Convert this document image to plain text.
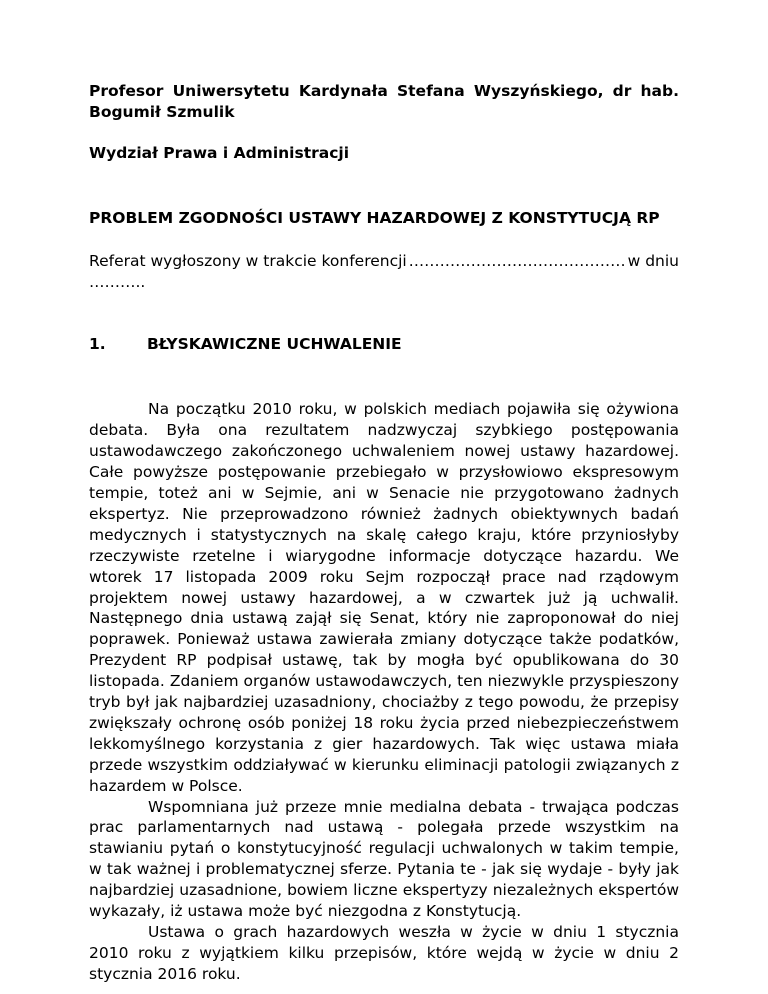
Profesor Uniwersytetu Kardynała Stefana Wyszyńskiego, dr hab. Bogumił Szmulik

Wydział Prawa i Administracji

PROBLEM ZGODNOŚCI USTAWY HAZARDOWEJ Z KONSTYTUCJĄ RP

Referat wygłoszony w trakcie konferencji …………………………………… w dniu

………..

1.	BŁYSKAWICZNE UCHWALENIE

Na początku 2010 roku, w polskich mediach pojawiła się ożywiona debata. Była ona rezultatem nadzwyczaj szybkiego postępowania ustawodawczego zakończonego uchwaleniem nowej ustawy hazardowej. Całe powyższe postępowanie przebiegało w przysłowiowo ekspresowym tempie, toteż ani w Sejmie, ani w Senacie nie przygotowano żadnych ekspertyz. Nie przeprowadzono również żadnych obiektywnych badań medycznych i statystycznych na skalę całego kraju, które przyniosłyby rzeczywiste rzetelne i wiarygodne informacje dotyczące hazardu. We wtorek 17 listopada 2009 roku Sejm rozpoczął prace nad rządowym projektem nowej ustawy hazardowej, a w czwartek już ją uchwalił. Następnego dnia ustawą zajął się Senat, który nie zaproponował do niej poprawek. Ponieważ ustawa zawierała zmiany dotyczące także podatków, Prezydent RP podpisał ustawę, tak by mogła być opublikowana do 30 listopada. Zdaniem organów ustawodawczych, ten niezwykle przyspieszony tryb był jak najbardziej uzasadniony, chociażby z tego powodu, że przepisy zwiększały ochronę osób poniżej 18 roku życia przed niebezpieczeństwem lekkomyślnego korzystania z gier hazardowych. Tak więc ustawa miała przede wszystkim oddziaływać w kierunku eliminacji patologii związanych z hazardem w Polsce.

Wspomniana już przeze mnie medialna debata - trwająca podczas prac parlamentarnych nad ustawą - polegała przede wszystkim na stawianiu pytań o konstytucyjność regulacji uchwalonych w takim tempie, w tak ważnej i problematycznej sferze. Pytania te - jak się wydaje - były jak najbardziej uzasadnione, bowiem liczne ekspertyzy niezależnych ekspertów wykazały, iż ustawa może być niezgodna z Konstytucją.

Ustawa o grach hazardowych weszła w życie w dniu 1 stycznia 2010 roku z wyjątkiem kilku przepisów, które wejdą w życie w dniu 2 stycznia 2016 roku.
